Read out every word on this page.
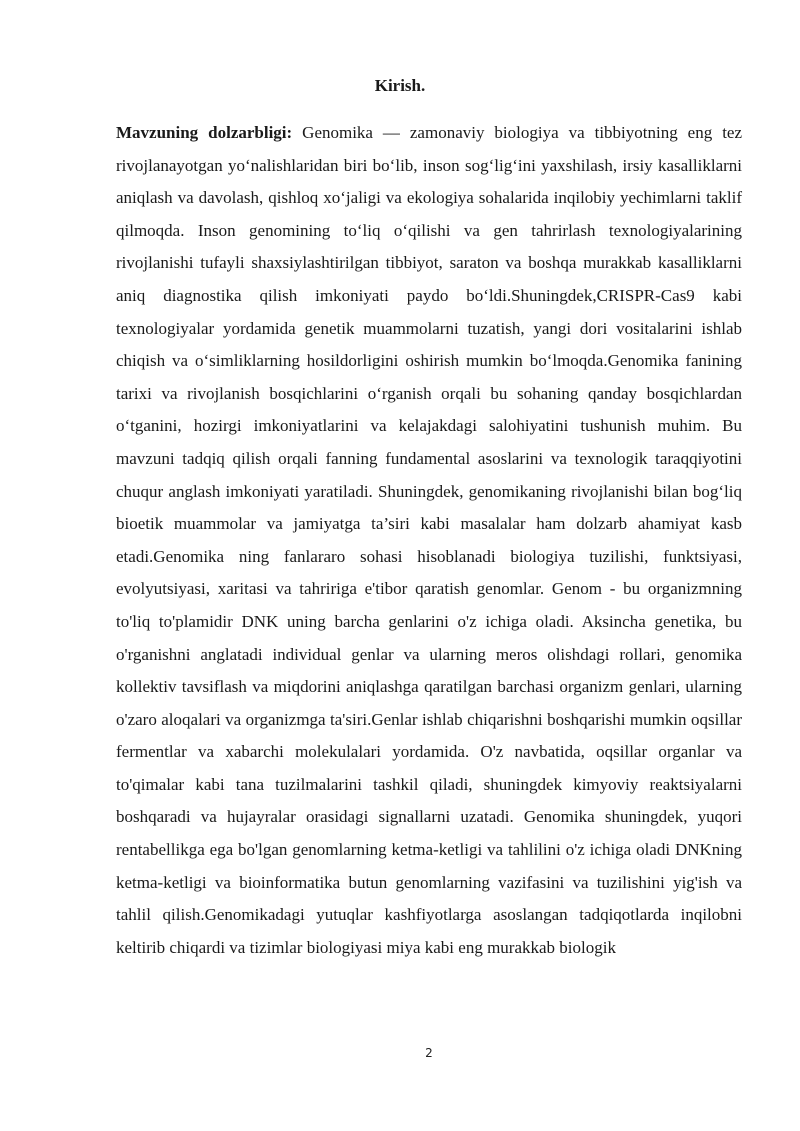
Kirish.

Mavzuning dolzarbligi: Genomika — zamonaviy biologiya va tibbiyotning eng tez rivojlanayotgan yo‘nalishlaridan biri bo‘lib, inson sog‘lig‘ini yaxshilash, irsiy kasalliklarni aniqlash va davolash, qishloq xo‘jaligi va ekologiya sohalarida inqilobiy yechimlarni taklif qilmoqda. Inson genomining to‘liq o‘qilishi va gen tahrirlash texnologiyalarining rivojlanishi tufayli shaxsiylashtirilgan tibbiyot, saraton va boshqa murakkab kasalliklarni aniq diagnostika qilish imkoniyati paydo bo‘ldi.Shuningdek,CRISPR-Cas9 kabi texnologiyalar yordamida genetik muammolarni tuzatish, yangi dori vositalarini ishlab chiqish va o‘simliklarning hosildorligini oshirish mumkin bo‘lmoqda.Genomika fanining tarixi va rivojlanish bosqichlarini o‘rganish orqali bu sohaning qanday bosqichlardan o‘tganini, hozirgi imkoniyatlarini va kelajakdagi salohiyatini tushunish muhim. Bu mavzuni tadqiq qilish orqali fanning fundamental asoslarini va texnologik taraqqiyotini chuqur anglash imkoniyati yaratiladi. Shuningdek, genomikaning rivojlanishi bilan bog‘liq bioetik muammolar va jamiyatga ta’siri kabi masalalar ham dolzarb ahamiyat kasb etadi.Genomika ning fanlararo sohasi hisoblanadi biologiya tuzilishi, funktsiyasi, evolyutsiyasi, xaritasi va tahririga e'tibor qaratish genomlar. Genom - bu organizmning to'liq to'plamidir DNK uning barcha genlarini o'z ichiga oladi. Aksincha genetika, bu o'rganishni anglatadi individual genlar va ularning meros olishdagi rollari, genomika kollektiv tavsiflash va miqdorini aniqlashga qaratilgan barchasi organizm genlari, ularning o'zaro aloqalari va organizmga ta'siri.Genlar ishlab chiqarishni boshqarishi mumkin oqsillar fermentlar va xabarchi molekulalari yordamida. O'z navbatida, oqsillar organlar va to'qimalar kabi tana tuzilmalarini tashkil qiladi, shuningdek kimyoviy reaktsiyalarni boshqaradi va hujayralar orasidagi signallarni uzatadi. Genomika shuningdek, yuqori rentabellikga ega bo'lgan genomlarning ketma-ketligi va tahlilini o'z ichiga oladi DNKning ketma-ketligi va bioinformatika butun genomlarning vazifasini va tuzilishini yig'ish va tahlil qilish.Genomikadagi yutuqlar kashfiyotlarga asoslangan tadqiqotlarda inqilobni keltirib chiqardi va tizimlar biologiyasi miya kabi eng murakkab biologik

2
